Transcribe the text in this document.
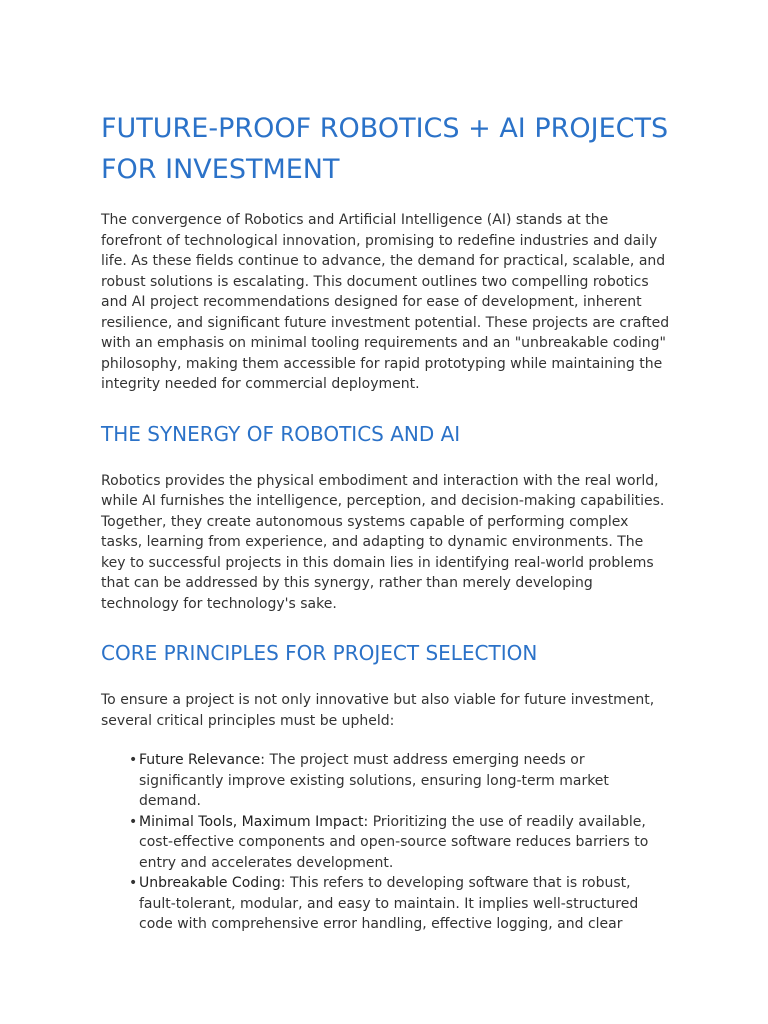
FUTURE-PROOF ROBOTICS + AI PROJECTS FOR INVESTMENT

The convergence of Robotics and Artificial Intelligence (AI) stands at the forefront of technological innovation, promising to redefine industries and daily life. As these fields continue to advance, the demand for practical, scalable, and robust solutions is escalating. This document outlines two compelling robotics and AI project recommendations designed for ease of development, inherent resilience, and significant future investment potential. These projects are crafted with an emphasis on minimal tooling requirements and an "unbreakable coding" philosophy, making them accessible for rapid prototyping while maintaining the integrity needed for commercial deployment.

THE SYNERGY OF ROBOTICS AND AI

Robotics provides the physical embodiment and interaction with the real world, while AI furnishes the intelligence, perception, and decision-making capabilities. Together, they create autonomous systems capable of performing complex tasks, learning from experience, and adapting to dynamic environments. The key to successful projects in this domain lies in identifying real-world problems that can be addressed by this synergy, rather than merely developing technology for technology's sake.

CORE PRINCIPLES FOR PROJECT SELECTION

To ensure a project is not only innovative but also viable for future investment, several critical principles must be upheld:

• Future Relevance: The project must address emerging needs or significantly improve existing solutions, ensuring long-term market demand.
• Minimal Tools, Maximum Impact: Prioritizing the use of readily available, cost-effective components and open-source software reduces barriers to entry and accelerates development.
• Unbreakable Coding: This refers to developing software that is robust, fault-tolerant, modular, and easy to maintain. It implies well-structured code with comprehensive error handling, effective logging, and clear
